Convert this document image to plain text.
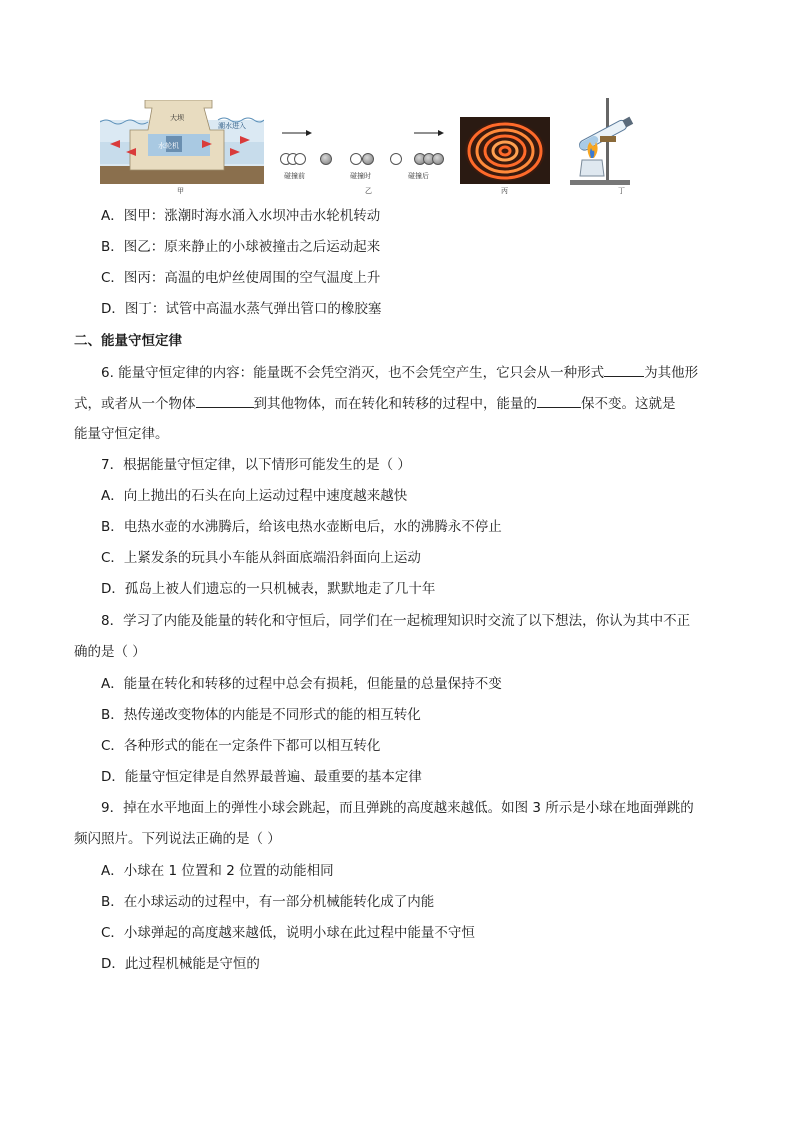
大坝
潮水进入
水轮机
甲
碰撞前	碰撞时	碰撞后
乙	丙	丁
A．图甲：涨潮时海水涌入水坝冲击水轮机转动
B．图乙：原来静止的小球被撞击之后运动起来
C．图丙：高温的电炉丝使周围的空气温度上升
D．图丁：试管中高温水蒸气弹出管口的橡胶塞
二、能量守恒定律
6. 能量守恒定律的内容：能量既不会凭空消灭，也不会凭空产生，它只会从一种形式	为其他形
式，或者从一个物体	到其他物体，而在转化和转移的过程中，能量的	保不变。这就是
能量守恒定律。
7．根据能量守恒定律，以下情形可能发生的是（ ）
A．向上抛出的石头在向上运动过程中速度越来越快
B．电热水壶的水沸腾后，给该电热水壶断电后，水的沸腾永不停止
C．上紧发条的玩具小车能从斜面底端沿斜面向上运动
D．孤岛上被人们遗忘的一只机械表，默默地走了几十年
8．学习了内能及能量的转化和守恒后，同学们在一起梳理知识时交流了以下想法，你认为其中不正
确的是（ ）
A．能量在转化和转移的过程中总会有损耗，但能量的总量保持不变
B．热传递改变物体的内能是不同形式的能的相互转化
C．各种形式的能在一定条件下都可以相互转化
D．能量守恒定律是自然界最普遍、最重要的基本定律
9．掉在水平地面上的弹性小球会跳起，而且弹跳的高度越来越低。如图 3 所示是小球在地面弹跳的
频闪照片。下列说法正确的是（ ）
A．小球在 1 位置和 2 位置的动能相同
B．在小球运动的过程中，有一部分机械能转化成了内能
C．小球弹起的高度越来越低，说明小球在此过程中能量不守恒
D．此过程机械能是守恒的
